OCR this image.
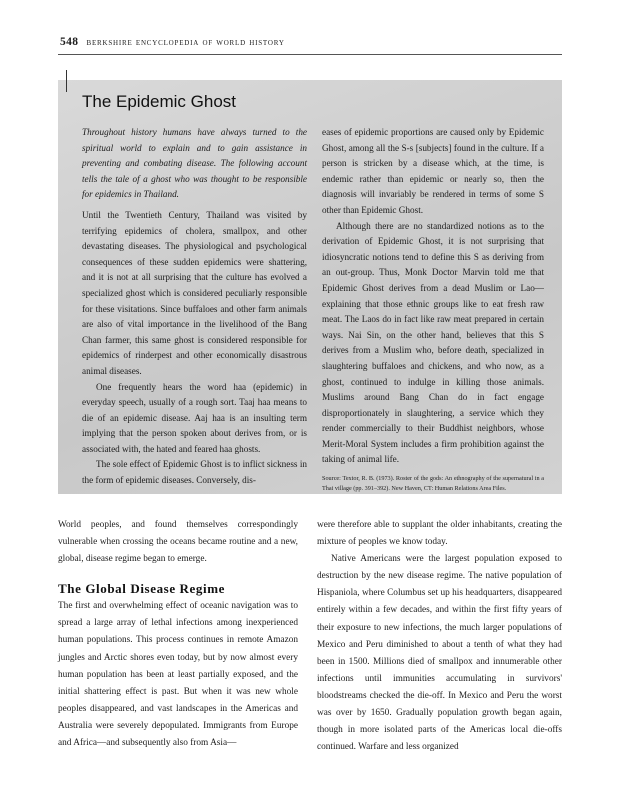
548 berkshire encyclopedia of world history
The Epidemic Ghost

Throughout history humans have always turned to the spiritual world to explain and to gain assistance in preventing and combating disease. The following account tells the tale of a ghost who was thought to be responsible for epidemics in Thailand.

Until the Twentieth Century, Thailand was visited by terrifying epidemics of cholera, smallpox, and other devastating diseases. The physiological and psychological consequences of these sudden epidemics were shattering, and it is not at all surprising that the culture has evolved a specialized ghost which is considered peculiarly responsible for these visitations. Since buffaloes and other farm animals are also of vital importance in the livelihood of the Bang Chan farmer, this same ghost is considered responsible for epidemics of rinderpest and other economically disastrous animal diseases.

One frequently hears the word haa (epidemic) in everyday speech, usually of a rough sort. Taaj haa means to die of an epidemic disease. Aaj haa is an insulting term implying that the person spoken about derives from, or is associated with, the hated and feared haa ghosts.

The sole effect of Epidemic Ghost is to inflict sickness in the form of epidemic diseases. Conversely, dis-

eases of epidemic proportions are caused only by Epidemic Ghost, among all the S-s [subjects] found in the culture. If a person is stricken by a disease which, at the time, is endemic rather than epidemic or nearly so, then the diagnosis will invariably be rendered in terms of some S other than Epidemic Ghost.

Although there are no standardized notions as to the derivation of Epidemic Ghost, it is not surprising that idiosyncratic notions tend to define this S as deriving from an out-group. Thus, Monk Doctor Marvin told me that Epidemic Ghost derives from a dead Muslim or Lao—explaining that those ethnic groups like to eat fresh raw meat. The Laos do in fact like raw meat prepared in certain ways. Nai Sin, on the other hand, believes that this S derives from a Muslim who, before death, specialized in slaughtering buffaloes and chickens, and who now, as a ghost, continued to indulge in killing those animals. Muslims around Bang Chan do in fact engage disproportionately in slaughtering, a service which they render commercially to their Buddhist neighbors, whose Merit-Moral System includes a firm prohibition against the taking of animal life.

Source: Textor, R. B. (1973). Roster of the gods: An ethnography of the supernatural in a Thai village (pp. 391–392). New Haven, CT: Human Relations Area Files.

World peoples, and found themselves correspondingly vulnerable when crossing the oceans became routine and a new, global, disease regime began to emerge.

The Global Disease Regime

The first and overwhelming effect of oceanic navigation was to spread a large array of lethal infections among inexperienced human populations. This process continues in remote Amazon jungles and Arctic shores even today, but by now almost every human population has been at least partially exposed, and the initial shattering effect is past. But when it was new whole peoples disappeared, and vast landscapes in the Americas and Australia were severely depopulated. Immigrants from Europe and Africa—and subsequently also from Asia—

were therefore able to supplant the older inhabitants, creating the mixture of peoples we know today.

Native Americans were the largest population exposed to destruction by the new disease regime. The native population of Hispaniola, where Columbus set up his headquarters, disappeared entirely within a few decades, and within the first fifty years of their exposure to new infections, the much larger populations of Mexico and Peru diminished to about a tenth of what they had been in 1500. Millions died of smallpox and innumerable other infections until immunities accumulating in survivors' bloodstreams checked the die-off. In Mexico and Peru the worst was over by 1650. Gradually population growth began again, though in more isolated parts of the Americas local die-offs continued. Warfare and less organized
